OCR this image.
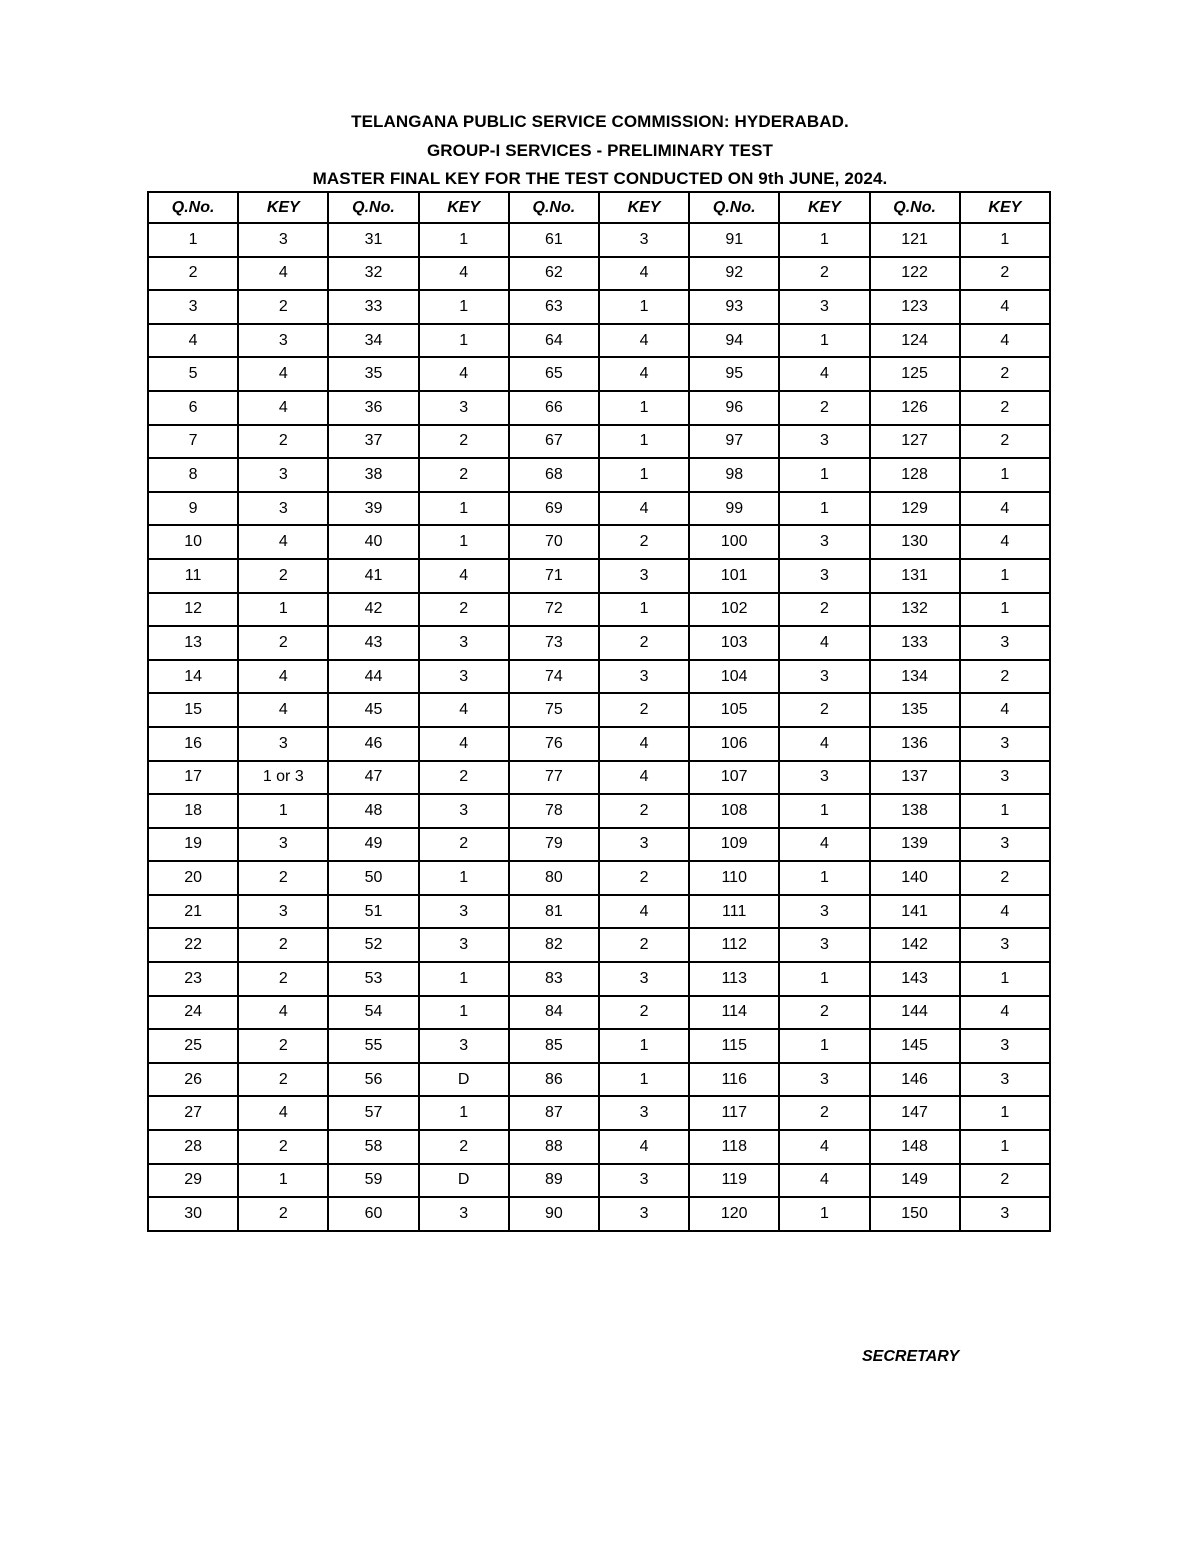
TELANGANA PUBLIC SERVICE COMMISSION: HYDERABAD.
GROUP-I SERVICES - PRELIMINARY TEST
MASTER FINAL KEY FOR THE TEST CONDUCTED ON 9th JUNE, 2024.
Q.No.	KEY	Q.No.	KEY	Q.No.	KEY	Q.No.	KEY	Q.No.	KEY
1	3	31	1	61	3	91	1	121	1
2	4	32	4	62	4	92	2	122	2
3	2	33	1	63	1	93	3	123	4
4	3	34	1	64	4	94	1	124	4
5	4	35	4	65	4	95	4	125	2
6	4	36	3	66	1	96	2	126	2
7	2	37	2	67	1	97	3	127	2
8	3	38	2	68	1	98	1	128	1
9	3	39	1	69	4	99	1	129	4
10	4	40	1	70	2	100	3	130	4
11	2	41	4	71	3	101	3	131	1
12	1	42	2	72	1	102	2	132	1
13	2	43	3	73	2	103	4	133	3
14	4	44	3	74	3	104	3	134	2
15	4	45	4	75	2	105	2	135	4
16	3	46	4	76	4	106	4	136	3
17	1 or 3	47	2	77	4	107	3	137	3
18	1	48	3	78	2	108	1	138	1
19	3	49	2	79	3	109	4	139	3
20	2	50	1	80	2	110	1	140	2
21	3	51	3	81	4	111	3	141	4
22	2	52	3	82	2	112	3	142	3
23	2	53	1	83	3	113	1	143	1
24	4	54	1	84	2	114	2	144	4
25	2	55	3	85	1	115	1	145	3
26	2	56	D	86	1	116	3	146	3
27	4	57	1	87	3	117	2	147	1
28	2	58	2	88	4	118	4	148	1
29	1	59	D	89	3	119	4	149	2
30	2	60	3	90	3	120	1	150	3
SECRETARY
